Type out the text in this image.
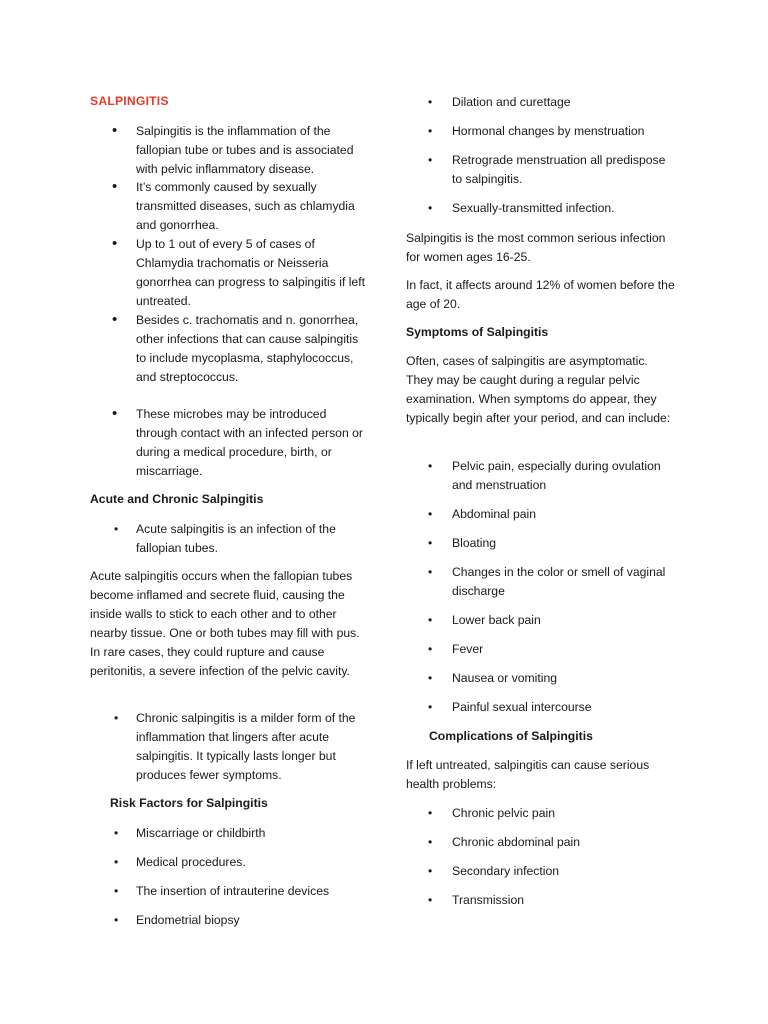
SALPINGITIS
• Salpingitis is the inflammation of the fallopian tube or tubes and is associated with pelvic inflammatory disease.
• It’s commonly caused by sexually transmitted diseases, such as chlamydia and gonorrhea.
• Up to 1 out of every 5 of cases of Chlamydia trachomatis or Neisseria gonorrhea can progress to salpingitis if left untreated.
• Besides c. trachomatis and n. gonorrhea, other infections that can cause salpingitis to include mycoplasma, staphylococcus, and streptococcus.
• These microbes may be introduced through contact with an infected person or during a medical procedure, birth, or miscarriage.
Acute and Chronic Salpingitis
• Acute salpingitis is an infection of the fallopian tubes.
Acute salpingitis occurs when the fallopian tubes become inflamed and secrete fluid, causing the inside walls to stick to each other and to other nearby tissue. One or both tubes may fill with pus. In rare cases, they could rupture and cause peritonitis, a severe infection of the pelvic cavity.
• Chronic salpingitis is a milder form of the inflammation that lingers after acute salpingitis. It typically lasts longer but produces fewer symptoms.
Risk Factors for Salpingitis
• Miscarriage or childbirth
• Medical procedures.
• The insertion of intrauterine devices
• Endometrial biopsy
• Dilation and curettage
• Hormonal changes by menstruation
• Retrograde menstruation all predispose to salpingitis.
• Sexually-transmitted infection.
Salpingitis is the most common serious infection for women ages 16-25.
In fact, it affects around 12% of women before the age of 20.
Symptoms of Salpingitis
Often, cases of salpingitis are asymptomatic. They may be caught during a regular pelvic examination. When symptoms do appear, they typically begin after your period, and can include:
• Pelvic pain, especially during ovulation and menstruation
• Abdominal pain
• Bloating
• Changes in the color or smell of vaginal discharge
• Lower back pain
• Fever
• Nausea or vomiting
• Painful sexual intercourse
Complications of Salpingitis
If left untreated, salpingitis can cause serious health problems:
• Chronic pelvic pain
• Chronic abdominal pain
• Secondary infection
• Transmission
